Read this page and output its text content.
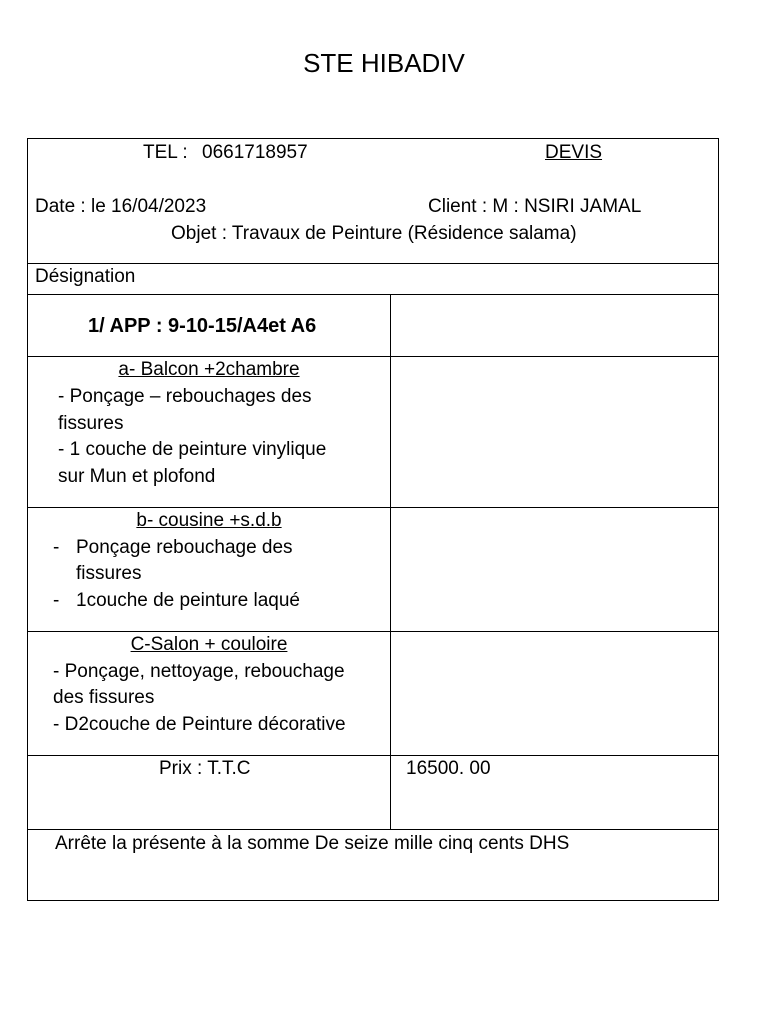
STE HIBADIV
TEL : 0661718957	DEVIS
Date : le 16/04/2023	Client : M : NSIRI JAMAL
Objet : Travaux de Peinture (Résidence salama)
Désignation
1/ APP : 9-10-15/A4et A6
a- Balcon +2chambre
- Ponçage – rebouchages des
fissures
- 1 couche de peinture vinylique
sur Mun et plofond
b- cousine +s.d.b
- Ponçage rebouchage des
fissures
- 1couche de peinture laqué
C-Salon + couloire
- Ponçage, nettoyage, rebouchage
des fissures
- D2couche de Peinture décorative
Prix : T.T.C	16500. 00
Arrête la présente à la somme De seize mille cinq cents DHS
